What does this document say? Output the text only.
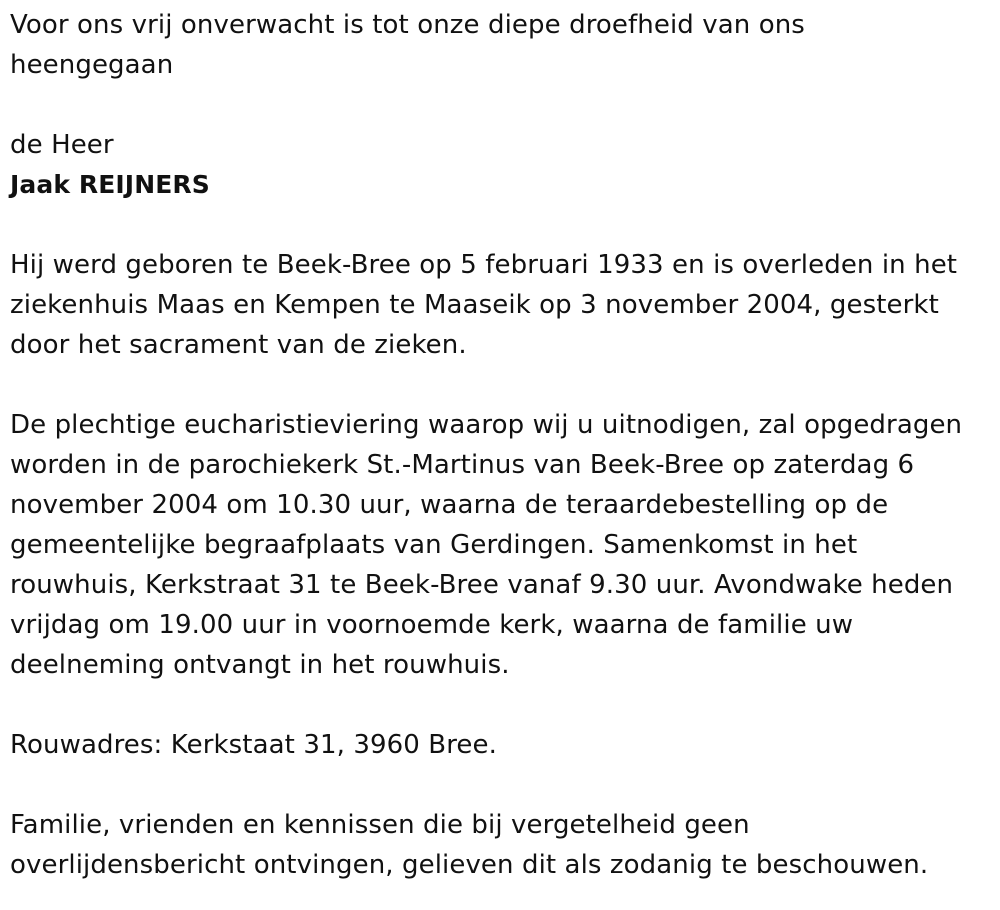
Voor ons vrij onverwacht is tot onze diepe droefheid van ons heengegaan

de Heer

Jaak REIJNERS

Hij werd geboren te Beek-Bree op 5 februari 1933 en is overleden in het ziekenhuis Maas en Kempen te Maaseik op 3 november 2004, gesterkt door het sacrament van de zieken.

De plechtige eucharistieviering waarop wij u uitnodigen, zal opgedragen worden in de parochiekerk St.-Martinus van Beek-Bree op zaterdag 6 november 2004 om 10.30 uur, waarna de teraardebestelling op de gemeentelijke begraafplaats van Gerdingen. Samenkomst in het rouwhuis, Kerkstraat 31 te Beek-Bree vanaf 9.30 uur. Avondwake heden vrijdag om 19.00 uur in voornoemde kerk, waarna de familie uw deelneming ontvangt in het rouwhuis.

Rouwadres: Kerkstaat 31, 3960 Bree.

Familie, vrienden en kennissen die bij vergetelheid geen overlijdensbericht ontvingen, gelieven dit als zodanig te beschouwen.
